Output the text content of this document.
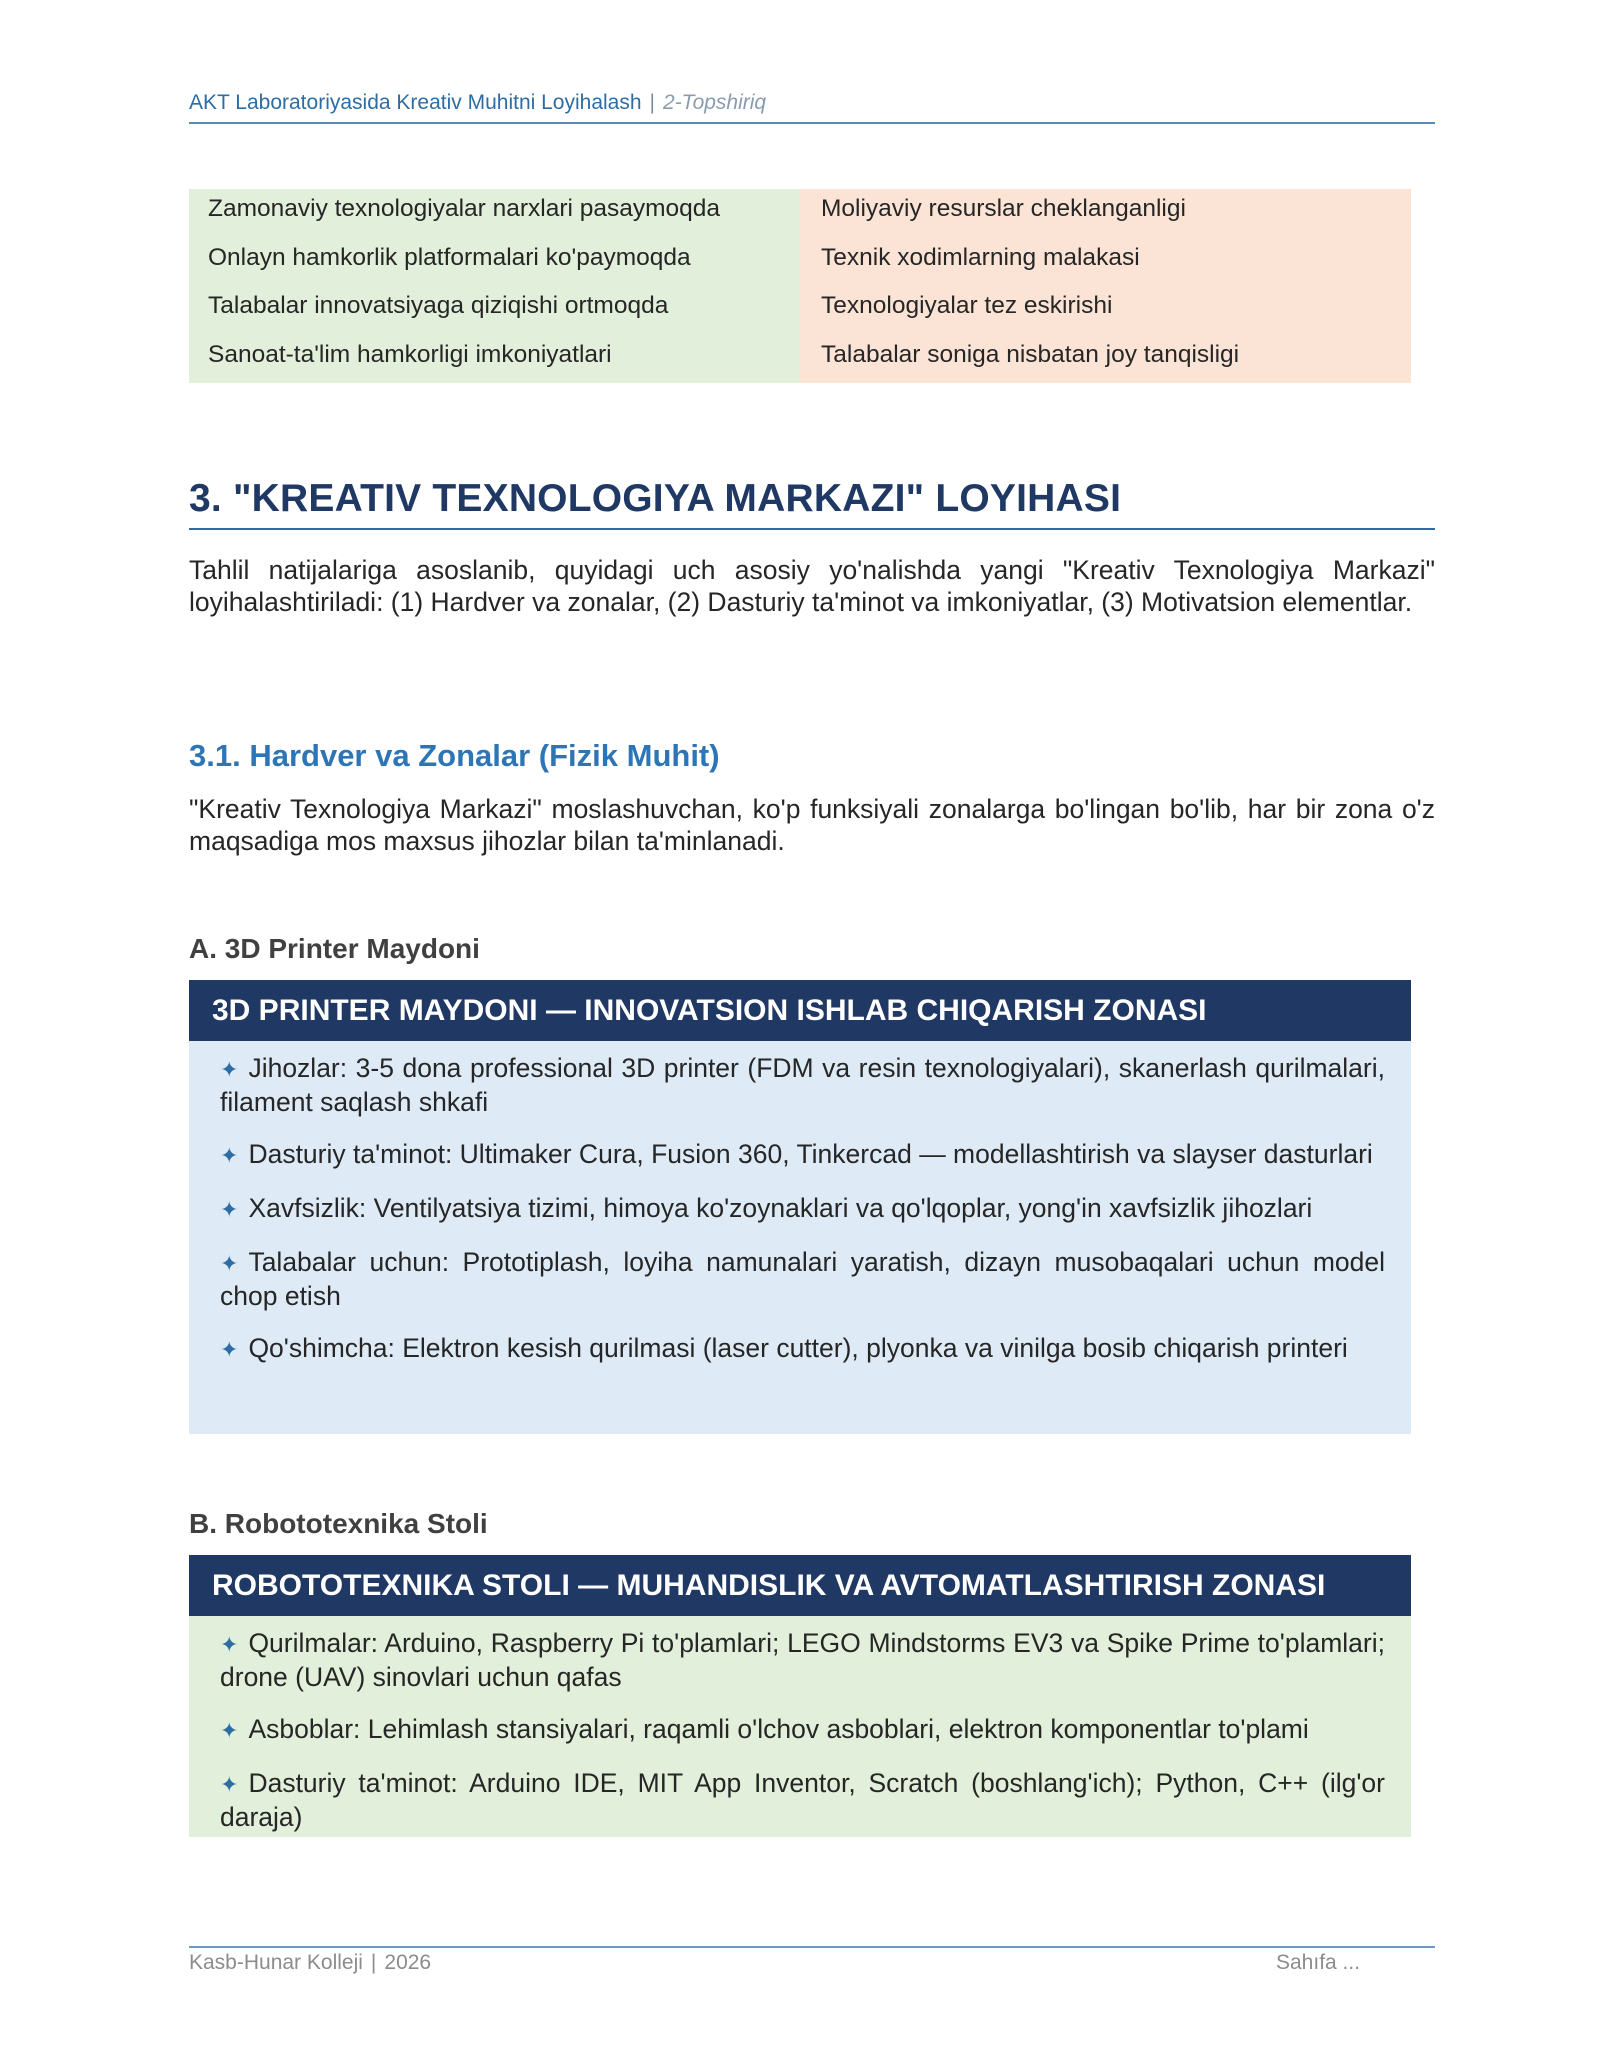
AKT Laboratoriyasida Kreativ Muhitni Loyihalash | 2-Topshiriq
Zamonaviy texnologiyalar narxlari pasaymoqda
Onlayn hamkorlik platformalari ko'paymoqda
Talabalar innovatsiyaga qiziqishi ortmoqda
Sanoat-ta'lim hamkorligi imkoniyatlari
Moliyaviy resurslar cheklanganligi
Texnik xodimlarning malakasi
Texnologiyalar tez eskirishi
Talabalar soniga nisbatan joy tanqisligi
3. "KREATIV TEXNOLOGIYA MARKAZI" LOYIHASI
Tahlil natijalariga asoslanib, quyidagi uch asosiy yo'nalishda yangi "Kreativ Texnologiya Markazi" loyihalashtiriladi: (1) Hardver va zonalar, (2) Dasturiy ta'minot va imkoniyatlar, (3) Motivatsion elementlar.
3.1. Hardver va Zonalar (Fizik Muhit)
"Kreativ Texnologiya Markazi" moslashuvchan, ko'p funksiyali zonalarga bo'lingan bo'lib, har bir zona o'z maqsadiga mos maxsus jihozlar bilan ta'minlanadi.
A. 3D Printer Maydoni
3D PRINTER MAYDONI — INNOVATSION ISHLAB CHIQARISH ZONASI
✦ Jihozlar: 3-5 dona professional 3D printer (FDM va resin texnologiyalari), skanerlash qurilmalari, filament saqlash shkafi
✦ Dasturiy ta'minot: Ultimaker Cura, Fusion 360, Tinkercad — modellashtirish va slayser dasturlari
✦ Xavfsizlik: Ventilyatsiya tizimi, himoya ko'zoynaklari va qo'lqoplar, yong'in xavfsizlik jihozlari
✦ Talabalar uchun: Prototiplash, loyiha namunalari yaratish, dizayn musobaqalari uchun model chop etish
✦ Qo'shimcha: Elektron kesish qurilmasi (laser cutter), plyonka va vinilga bosib chiqarish printeri
B. Robototexnika Stoli
ROBOTOTEXNIKA STOLI — MUHANDISLIK VA AVTOMATLASHTIRISH ZONASI
✦ Qurilmalar: Arduino, Raspberry Pi to'plamlari; LEGO Mindstorms EV3 va Spike Prime to'plamlari; drone (UAV) sinovlari uchun qafas
✦ Asboblar: Lehimlash stansiyalari, raqamli o'lchov asboblari, elektron komponentlar to'plami
✦ Dasturiy ta'minot: Arduino IDE, MIT App Inventor, Scratch (boshlang'ich); Python, C++ (ilg'or daraja)
Kasb-Hunar Kolleji | 2026	Sahıfa ...
